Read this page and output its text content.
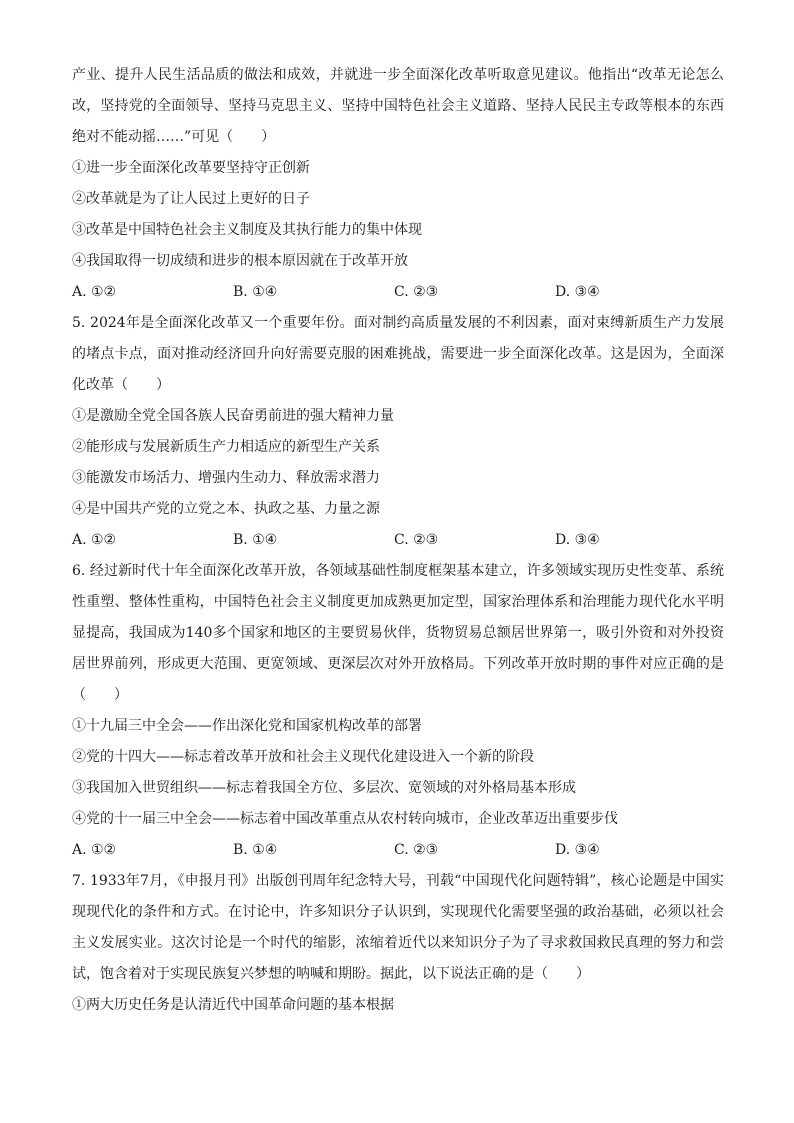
产业、提升人民生活品质的做法和成效，并就进一步全面深化改革听取意见建议。他指出“改革无论怎么改，坚持党的全面领导、坚持马克思主义、坚持中国特色社会主义道路、坚持人民民主专政等根本的东西绝对不能动摇……”可见（　　）

①进一步全面深化改革要坚持守正创新

②改革就是为了让人民过上更好的日子

③改革是中国特色社会主义制度及其执行能力的集中体现

④我国取得一切成绩和进步的根本原因就在于改革开放

A. ①②	B. ①④	C. ②③	D. ③④

5. 2024年是全面深化改革又一个重要年份。面对制约高质量发展的不利因素，面对束缚新质生产力发展的堵点卡点，面对推动经济回升向好需要克服的困难挑战，需要进一步全面深化改革。这是因为，全面深化改革（　　）

①是激励全党全国各族人民奋勇前进的强大精神力量

②能形成与发展新质生产力相适应的新型生产关系

③能激发市场活力、增强内生动力、释放需求潜力

④是中国共产党的立党之本、执政之基、力量之源

A. ①②	B. ①④	C. ②③	D. ③④

6. 经过新时代十年全面深化改革开放，各领域基础性制度框架基本建立，许多领域实现历史性变革、系统性重塑、整体性重构，中国特色社会主义制度更加成熟更加定型，国家治理体系和治理能力现代化水平明显提高，我国成为140多个国家和地区的主要贸易伙伴，货物贸易总额居世界第一，吸引外资和对外投资居世界前列，形成更大范围、更宽领域、更深层次对外开放格局。下列改革开放时期的事件对应正确的是（　　）

①十九届三中全会——作出深化党和国家机构改革的部署

②党的十四大——标志着改革开放和社会主义现代化建设进入一个新的阶段

③我国加入世贸组织——标志着我国全方位、多层次、宽领域的对外格局基本形成

④党的十一届三中全会——标志着中国改革重点从农村转向城市，企业改革迈出重要步伐

A. ①②	B. ①④	C. ②③	D. ③④

7. 1933年7月，《申报月刊》出版创刊周年纪念特大号，刊载“中国现代化问题特辑”，核心论题是中国实现现代化的条件和方式。在讨论中，许多知识分子认识到，实现现代化需要坚强的政治基础，必须以社会主义发展实业。这次讨论是一个时代的缩影，浓缩着近代以来知识分子为了寻求救国救民真理的努力和尝试，饱含着对于实现民族复兴梦想的呐喊和期盼。据此，以下说法正确的是（　　）

①两大历史任务是认清近代中国革命问题的基本根据
